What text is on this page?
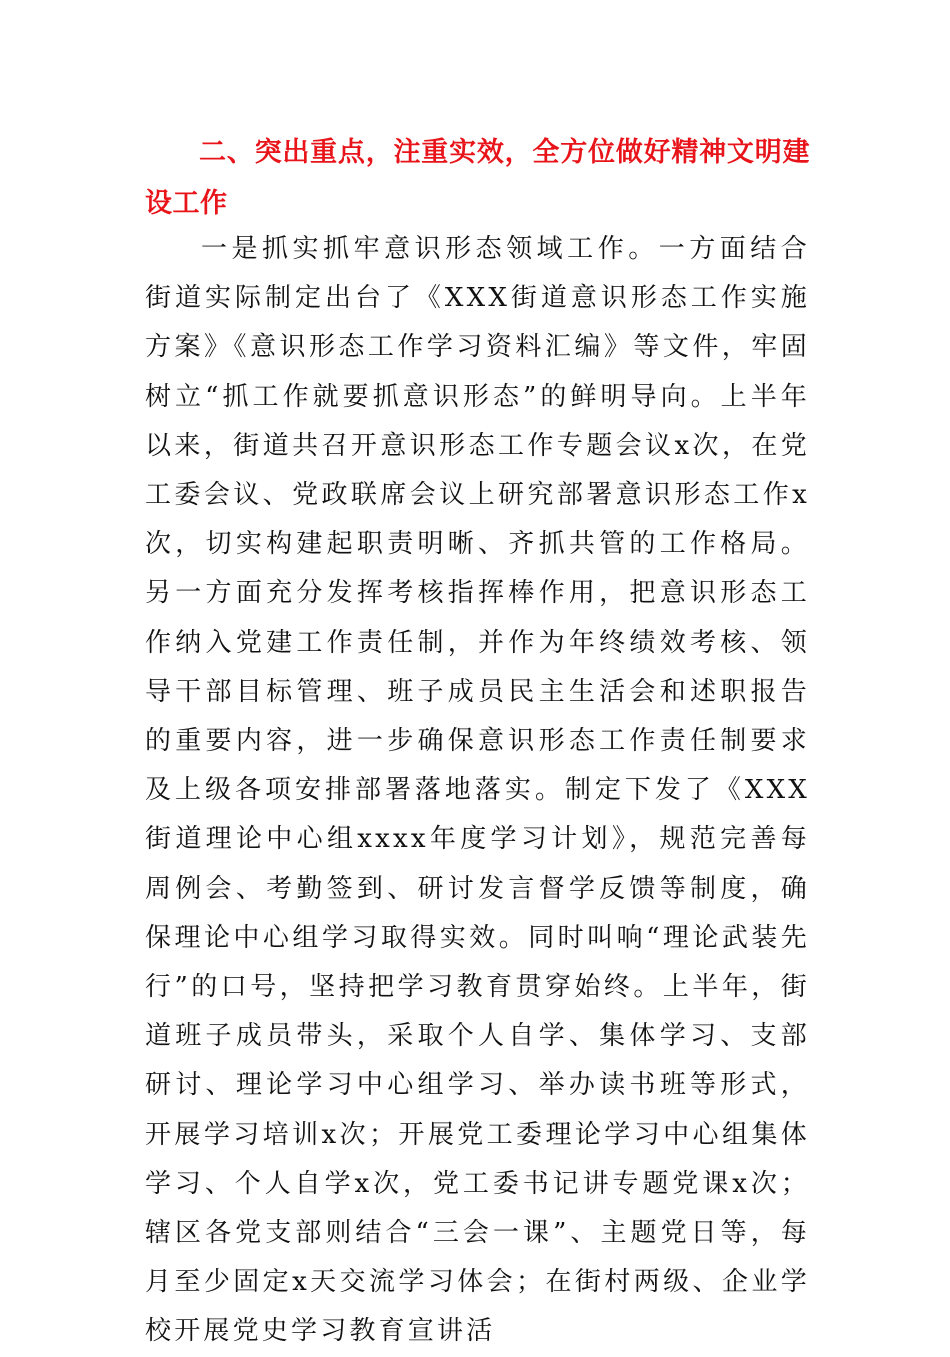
二、突出重点，注重实效，全方位做好精神文明建设工作

一是抓实抓牢意识形态领域工作。一方面结合街道实际制定出台了《XXX街道意识形态工作实施方案》《意识形态工作学习资料汇编》等文件，牢固树立“抓工作就要抓意识形态”的鲜明导向。上半年以来，街道共召开意识形态工作专题会议x次，在党工委会议、党政联席会议上研究部署意识形态工作x次，切实构建起职责明晰、齐抓共管的工作格局。另一方面充分发挥考核指挥棒作用，把意识形态工作纳入党建工作责任制，并作为年终绩效考核、领导干部目标管理、班子成员民主生活会和述职报告的重要内容，进一步确保意识形态工作责任制要求及上级各项安排部署落地落实。制定下发了《XXX街道理论中心组xxxx年度学习计划》，规范完善每周例会、考勤签到、研讨发言督学反馈等制度，确保理论中心组学习取得实效。同时叫响“理论武装先行”的口号，坚持把学习教育贯穿始终。上半年，街道班子成员带头，采取个人自学、集体学习、支部研讨、理论学习中心组学习、举办读书班等形式，开展学习培训x次；开展党工委理论学习中心组集体学习、个人自学x次，党工委书记讲专题党课x次；辖区各党支部则结合“三会一课”、主题党日等，每月至少固定x天交流学习体会；在街村两级、企业学校开展党史学习教育宣讲活
